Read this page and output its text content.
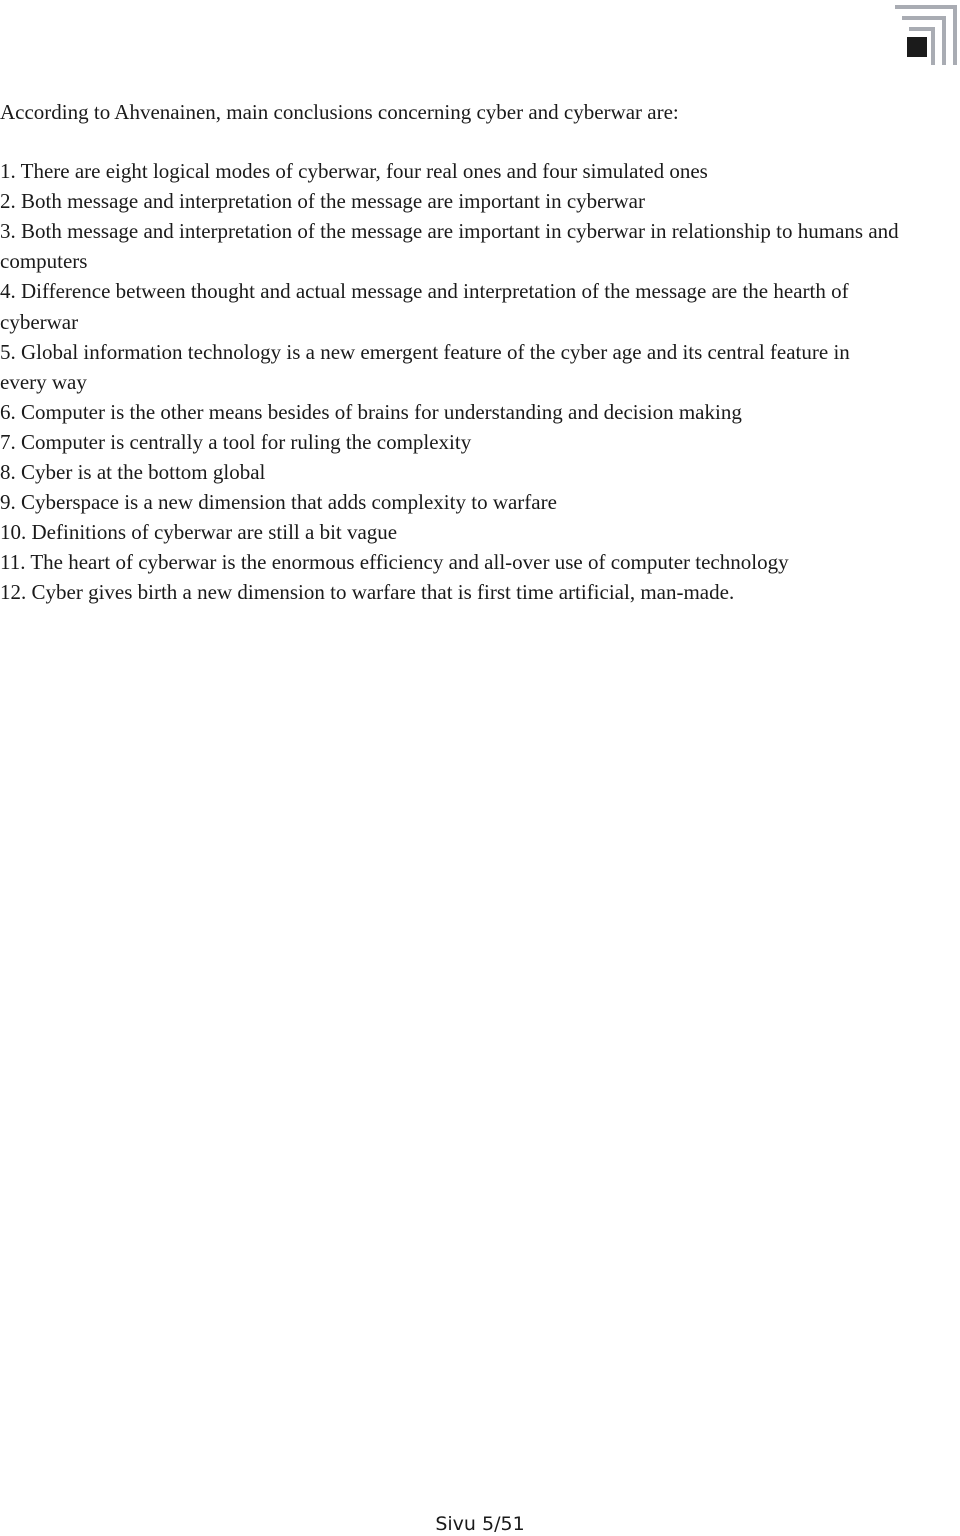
According to Ahvenainen, main conclusions concerning cyber and cyberwar are:

1. There are eight logical modes of cyberwar, four real ones and four simulated ones
2. Both message and interpretation of the message are important in cyberwar
3. Both message and interpretation of the message are important in cyberwar in relationship to humans and computers
4. Difference between thought and actual message and interpretation of the message are the hearth of cyberwar
5. Global information technology is a new emergent feature of the cyber age and its central feature in every way
6. Computer is the other means besides of brains for understanding and decision making
7. Computer is centrally a tool for ruling the complexity
8. Cyber is at the bottom global
9. Cyberspace is a new dimension that adds complexity to warfare
10. Definitions of cyberwar are still a bit vague
11. The heart of cyberwar is the enormous efficiency and all-over use of computer technology
12. Cyber gives birth a new dimension to warfare that is first time artificial, man-made.
Sivu 5/51
